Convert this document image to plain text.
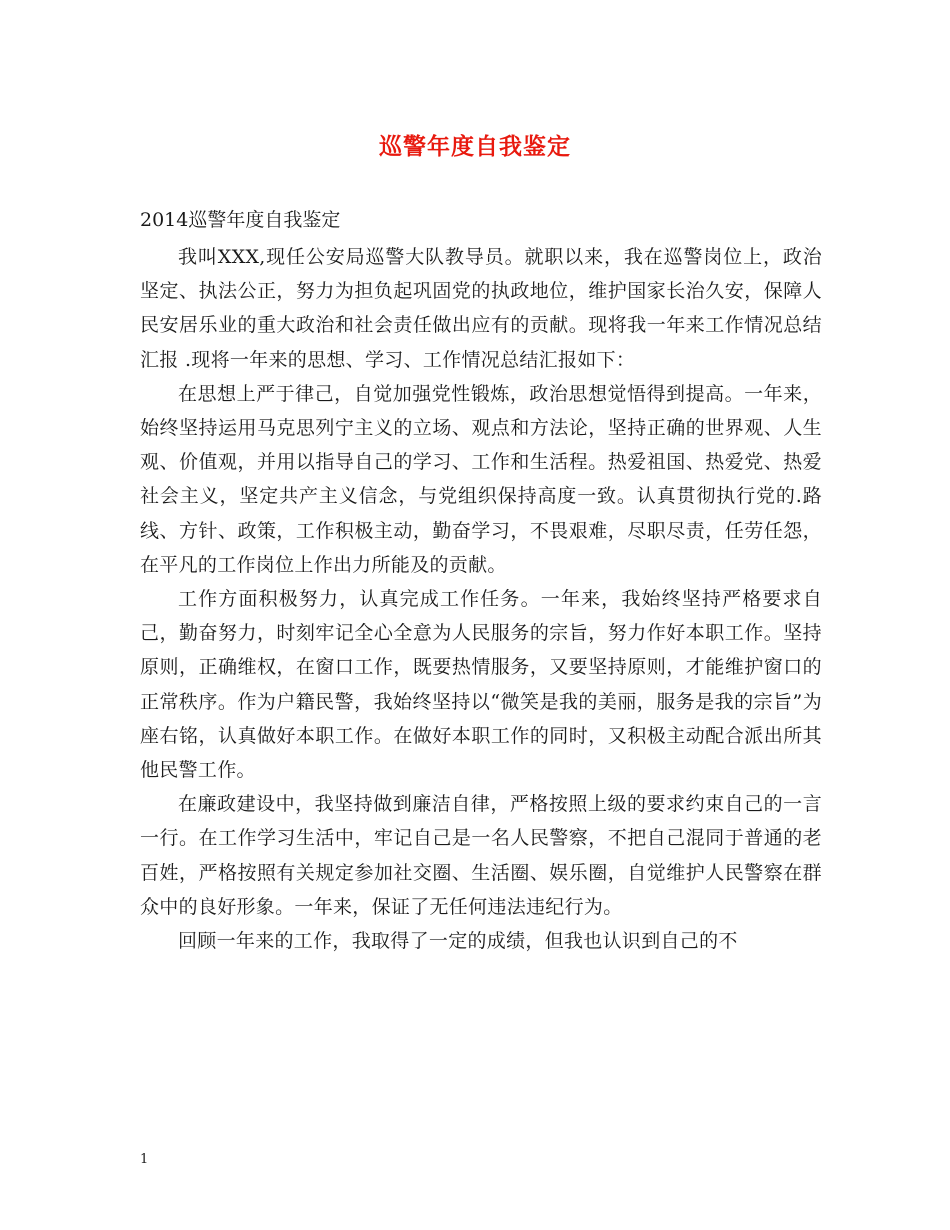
巡警年度自我鉴定
2014巡警年度自我鉴定

我叫XXX,现任公安局巡警大队教导员。就职以来，我在巡警岗位上，政治坚定、执法公正，努力为担负起巩固党的执政地位，维护国家长治久安，保障人民安居乐业的重大政治和社会责任做出应有的贡献。现将我一年来工作情况总结汇报 .现将一年来的思想、学习、工作情况总结汇报如下：

在思想上严于律己，自觉加强党性锻炼，政治思想觉悟得到提高。一年来，始终坚持运用马克思列宁主义的立场、观点和方法论，坚持正确的世界观、人生观、价值观，并用以指导自己的学习、工作和生活程。热爱祖国、热爱党、热爱社会主义，坚定共产主义信念，与党组织保持高度一致。认真贯彻执行党的.路线、方针、政策，工作积极主动，勤奋学习，不畏艰难，尽职尽责，任劳任怨，在平凡的工作岗位上作出力所能及的贡献。

工作方面积极努力，认真完成工作任务。一年来，我始终坚持严格要求自己，勤奋努力，时刻牢记全心全意为人民服务的宗旨，努力作好本职工作。坚持原则，正确维权，在窗口工作，既要热情服务，又要坚持原则，才能维护窗口的正常秩序。作为户籍民警，我始终坚持以“微笑是我的美丽，服务是我的宗旨”为座右铭，认真做好本职工作。在做好本职工作的同时，又积极主动配合派出所其他民警工作。

在廉政建设中，我坚持做到廉洁自律，严格按照上级的要求约束自己的一言一行。在工作学习生活中，牢记自己是一名人民警察，不把自己混同于普通的老百姓，严格按照有关规定参加社交圈、生活圈、娱乐圈，自觉维护人民警察在群众中的良好形象。一年来，保证了无任何违法违纪行为。

回顾一年来的工作，我取得了一定的成绩，但我也认识到自己的不

1
